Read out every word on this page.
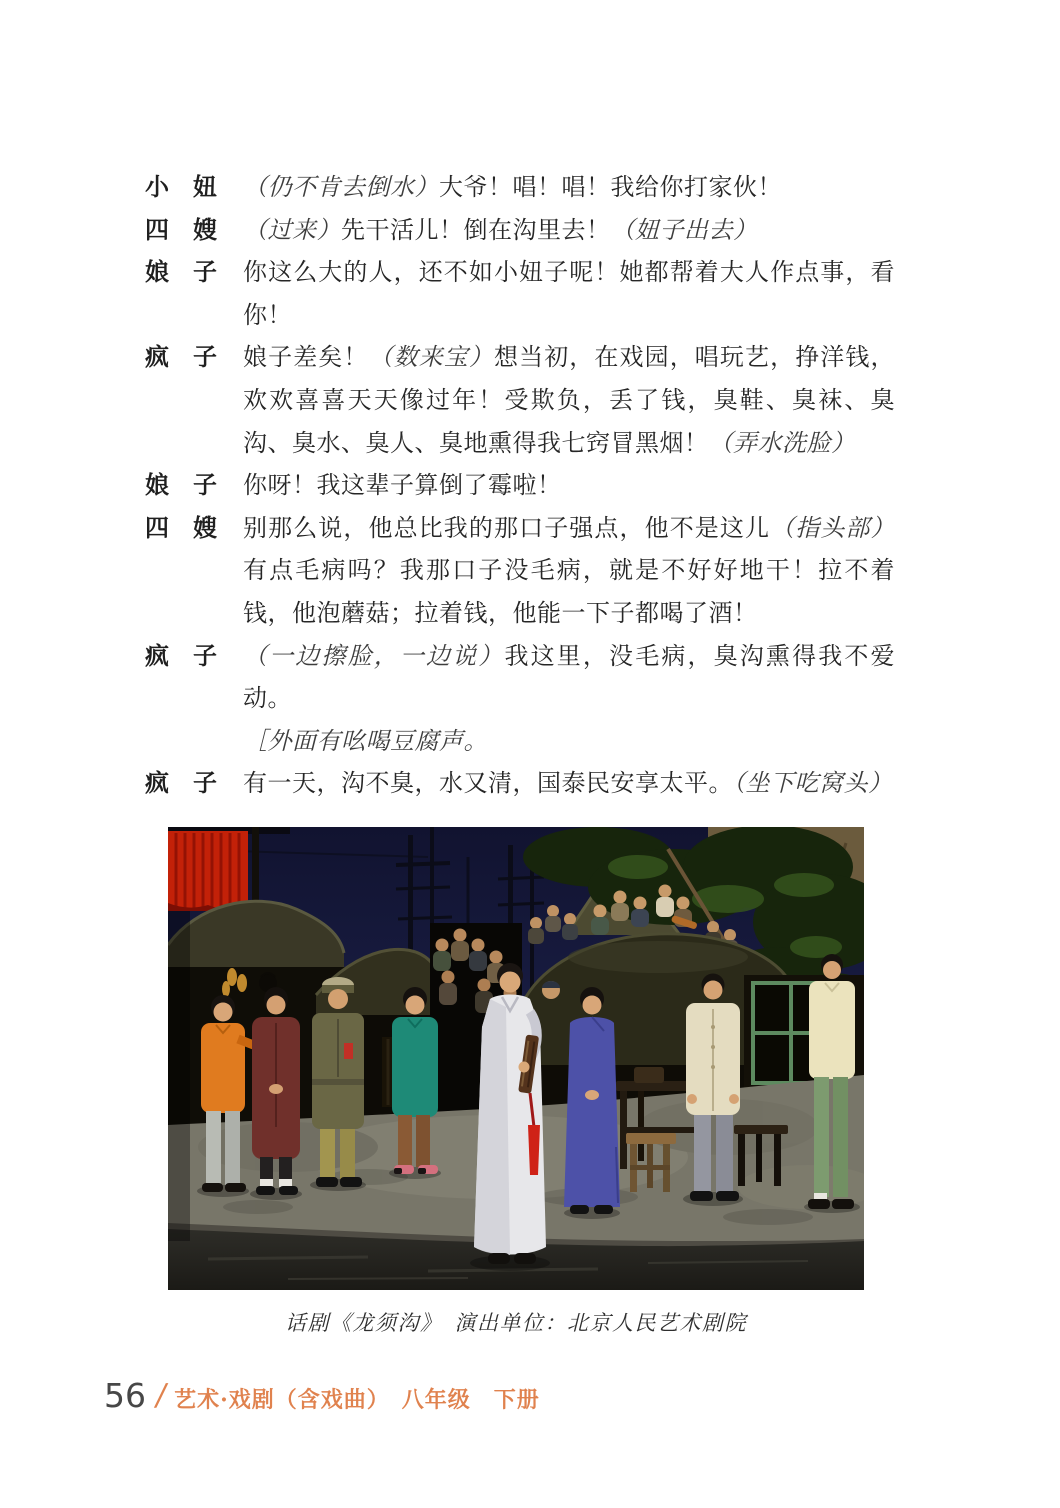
小　妞	（仍不肯去倒水）大爷！唱！唱！我给你打家伙！
四　嫂	（过来）先干活儿！倒在沟里去！（妞子出去）
娘　子	你这么大的人，还不如小妞子呢！她都帮着大人作点事，看你！
疯　子	娘子差矣！（数来宝）想当初，在戏园，唱玩艺，挣洋钱，欢欢喜喜天天像过年！受欺负，丢了钱，臭鞋、臭袜、臭沟、臭水、臭人、臭地熏得我七窍冒黑烟！（弄水洗脸）
娘　子	你呀！我这辈子算倒了霉啦！
四　嫂	别那么说，他总比我的那口子强点，他不是这儿（指头部）有点毛病吗？我那口子没毛病，就是不好好地干！拉不着钱，他泡蘑菇；拉着钱，他能一下子都喝了酒！
疯　子	（一边擦脸，一边说）我这里，没毛病，臭沟熏得我不爱动。
［外面有吆喝豆腐声。
疯　子	有一天，沟不臭，水又清，国泰民安享太平。（坐下吃窝头）
话剧《龙须沟》　演出单位：北京人民艺术剧院
56 / 艺术·戏剧（含戏曲）　八年级　下册
